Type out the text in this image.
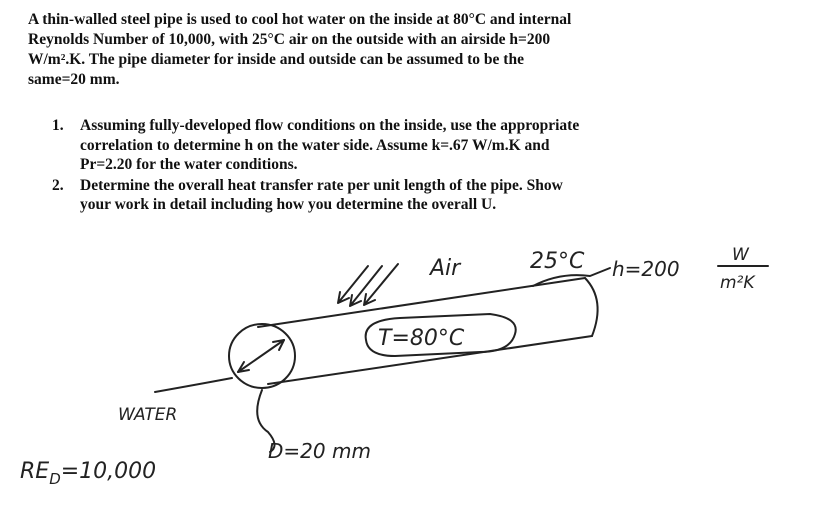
A thin-walled steel pipe is used to cool hot water on the inside at 80°C and internal
Reynolds Number of 10,000, with 25°C air on the outside with an airside h=200
W/m².K. The pipe diameter for inside and outside can be assumed to be the
same=20 mm.
1.	Assuming fully-developed flow conditions on the inside, use the appropriate
correlation to determine h on the water side. Assume k=.67 W/m.K and
Pr=2.20 for the water conditions.
2.	Determine the overall heat transfer rate per unit length of the pipe. Show
your work in detail including how you determine the overall U.
Air	25°C h=200
W
m²K
T=80°C
WATER
D=20 mm
$RE_D=10,000$
